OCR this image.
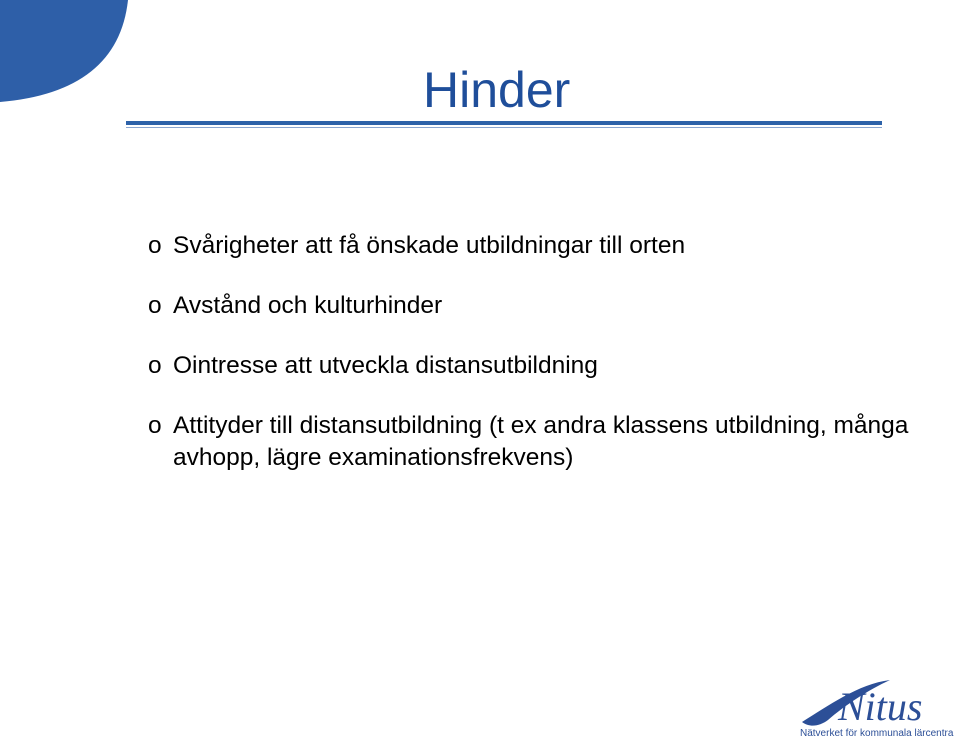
Hinder
o Svårigheter att få önskade utbildningar till orten
o Avstånd och kulturhinder
o Ointresse att utveckla distansutbildning
o Attityder till distansutbildning (t ex andra klassens utbildning, många avhopp, lägre examinationsfrekvens)
Nitus
Nätverket för kommunala lärcentra
